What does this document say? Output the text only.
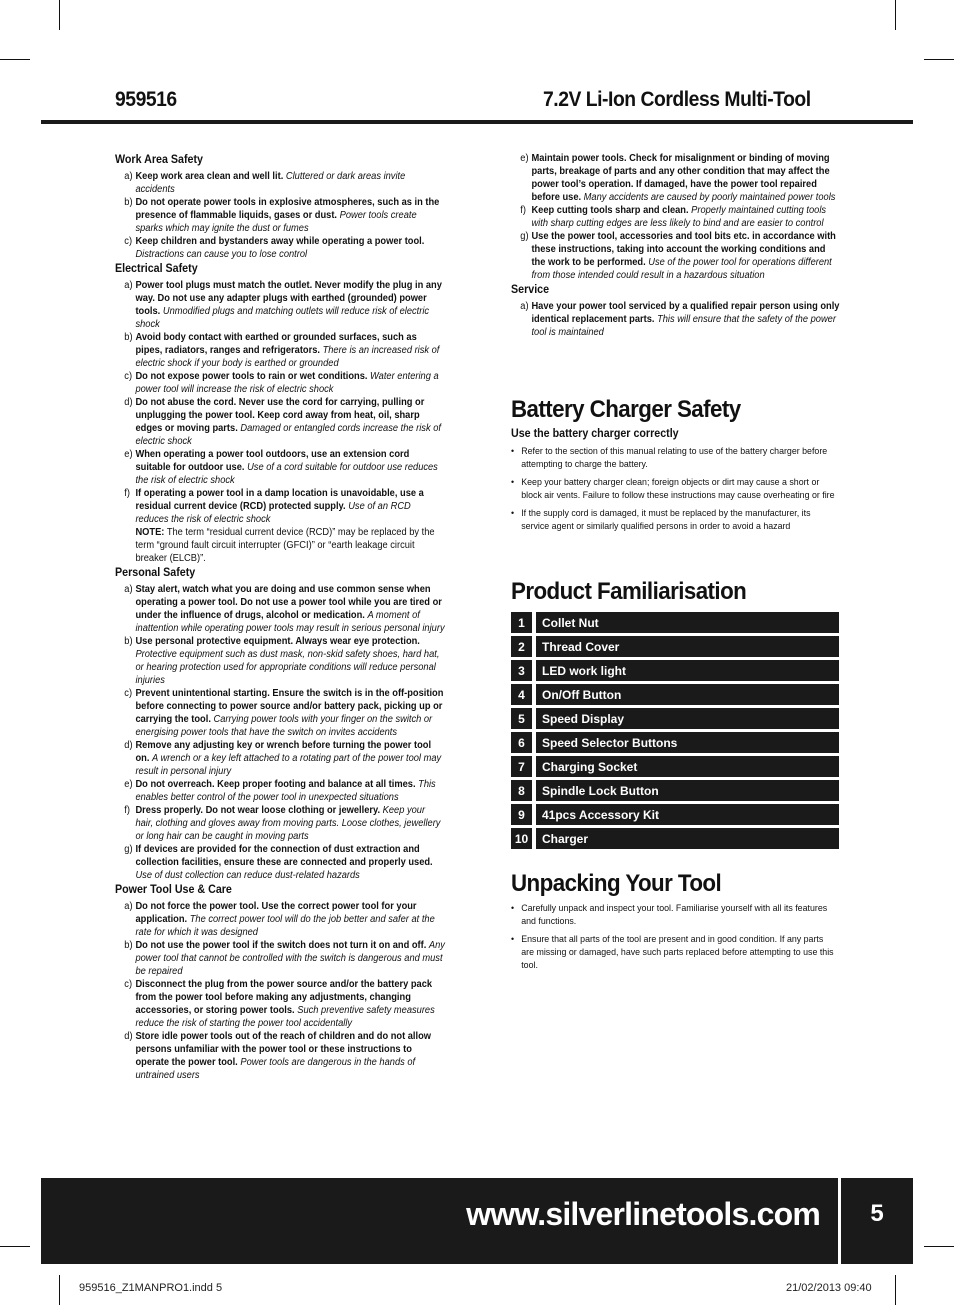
959516	7.2V Li-Ion Cordless Multi-Tool
Work Area Safety
a) Keep work area clean and well lit. Cluttered or dark areas invite accidents
b) Do not operate power tools in explosive atmospheres, such as in the presence of flammable liquids, gases or dust. Power tools create sparks which may ignite the dust or fumes
c) Keep children and bystanders away while operating a power tool. Distractions can cause you to lose control
Electrical Safety
a) Power tool plugs must match the outlet. Never modify the plug in any way. Do not use any adapter plugs with earthed (grounded) power tools. Unmodified plugs and matching outlets will reduce risk of electric shock
b) Avoid body contact with earthed or grounded surfaces, such as pipes, radiators, ranges and refrigerators. There is an increased risk of electric shock if your body is earthed or grounded
c) Do not expose power tools to rain or wet conditions. Water entering a power tool will increase the risk of electric shock
d) Do not abuse the cord. Never use the cord for carrying, pulling or unplugging the power tool. Keep cord away from heat, oil, sharp edges or moving parts. Damaged or entangled cords increase the risk of electric shock
e) When operating a power tool outdoors, use an extension cord suitable for outdoor use. Use of a cord suitable for outdoor use reduces the risk of electric shock
f) If operating a power tool in a damp location is unavoidable, use a residual current device (RCD) protected supply. Use of an RCD reduces the risk of electric shock
NOTE: The term “residual current device (RCD)” may be replaced by the term “ground fault circuit interrupter (GFCI)” or “earth leakage circuit breaker (ELCB)”.
Personal Safety
a) Stay alert, watch what you are doing and use common sense when operating a power tool. Do not use a power tool while you are tired or under the influence of drugs, alcohol or medication. A moment of inattention while operating power tools may result in serious personal injury
b) Use personal protective equipment. Always wear eye protection. Protective equipment such as dust mask, non-skid safety shoes, hard hat, or hearing protection used for appropriate conditions will reduce personal injuries
c) Prevent unintentional starting. Ensure the switch is in the off-position before connecting to power source and/or battery pack, picking up or carrying the tool. Carrying power tools with your finger on the switch or energising power tools that have the switch on invites accidents
d) Remove any adjusting key or wrench before turning the power tool on. A wrench or a key left attached to a rotating part of the power tool may result in personal injury
e) Do not overreach. Keep proper footing and balance at all times. This enables better control of the power tool in unexpected situations
f) Dress properly. Do not wear loose clothing or jewellery. Keep your hair, clothing and gloves away from moving parts. Loose clothes, jewellery or long hair can be caught in moving parts
g) If devices are provided for the connection of dust extraction and collection facilities, ensure these are connected and properly used. Use of dust collection can reduce dust-related hazards
Power Tool Use & Care
a) Do not force the power tool. Use the correct power tool for your application. The correct power tool will do the job better and safer at the rate for which it was designed
b) Do not use the power tool if the switch does not turn it on and off. Any power tool that cannot be controlled with the switch is dangerous and must be repaired
c) Disconnect the plug from the power source and/or the battery pack from the power tool before making any adjustments, changing accessories, or storing power tools. Such preventive safety measures reduce the risk of starting the power tool accidentally
d) Store idle power tools out of the reach of children and do not allow persons unfamiliar with the power tool or these instructions to operate the power tool. Power tools are dangerous in the hands of untrained users
e) Maintain power tools. Check for misalignment or binding of moving parts, breakage of parts and any other condition that may affect the power tool’s operation. If damaged, have the power tool repaired before use. Many accidents are caused by poorly maintained power tools
f) Keep cutting tools sharp and clean. Properly maintained cutting tools with sharp cutting edges are less likely to bind and are easier to control
g) Use the power tool, accessories and tool bits etc. in accordance with these instructions, taking into account the working conditions and the work to be performed. Use of the power tool for operations different from those intended could result in a hazardous situation
Service
a) Have your power tool serviced by a qualified repair person using only identical replacement parts. This will ensure that the safety of the power tool is maintained
Battery Charger Safety
Use the battery charger correctly
• Refer to the section of this manual relating to use of the battery charger before attempting to charge the battery.
• Keep your battery charger clean; foreign objects or dirt may cause a short or block air vents. Failure to follow these instructions may cause overheating or fire
• If the supply cord is damaged, it must be replaced by the manufacturer, its service agent or similarly qualified persons in order to avoid a hazard
Product Familiarisation
1	Collet Nut
2	Thread Cover
3	LED work light
4	On/Off Button
5	Speed Display
6	Speed Selector Buttons
7	Charging Socket
8	Spindle Lock Button
9	41pcs Accessory Kit
10	Charger
Unpacking Your Tool
• Carefully unpack and inspect your tool. Familiarise yourself with all its features and functions.
• Ensure that all parts of the tool are present and in good condition. If any parts are missing or damaged, have such parts replaced before attempting to use this tool.
www.silverlinetools.com	5
959516_Z1MANPRO1.indd 5	21/02/2013 09:40
